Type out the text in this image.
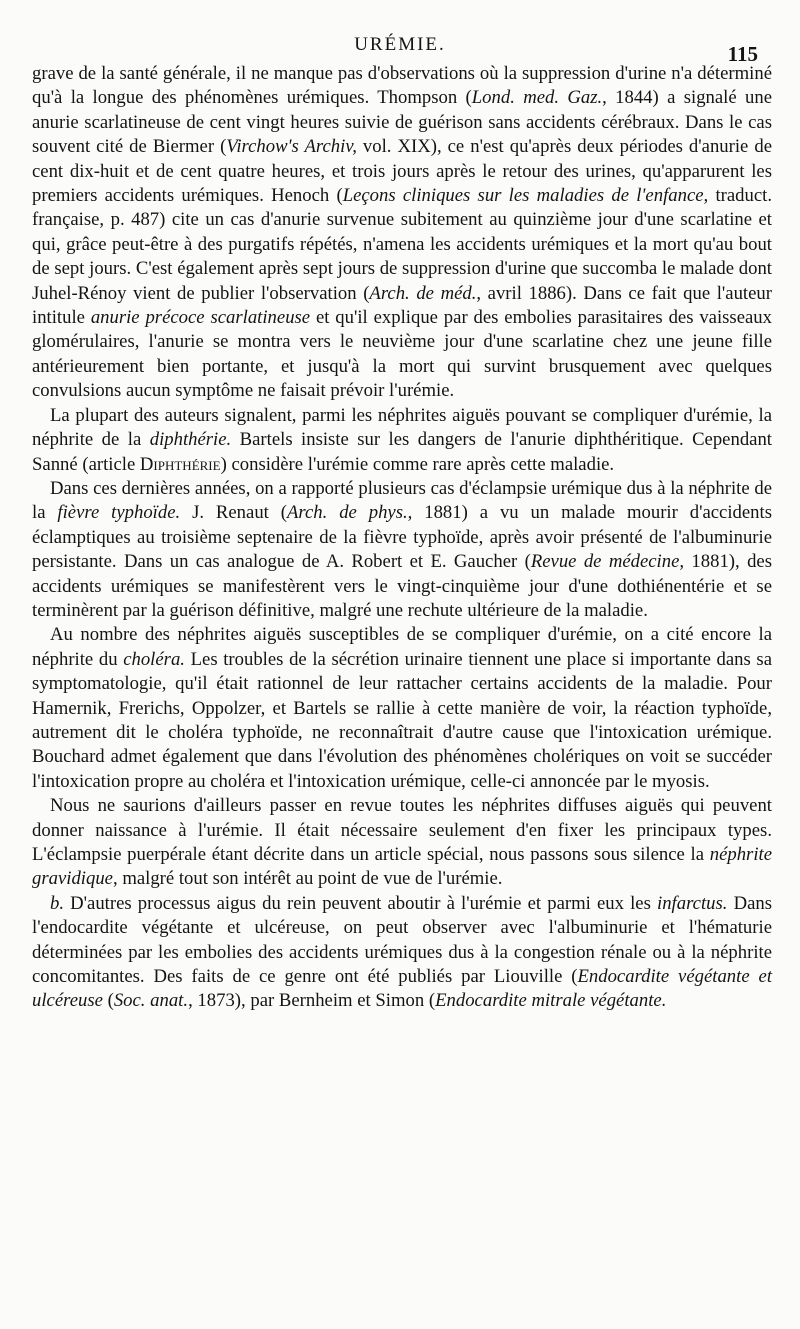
URÉMIE.	115

grave de la santé générale, il ne manque pas d'observations où la suppression d'urine n'a déterminé qu'à la longue des phénomènes urémiques. Thompson (Lond. med. Gaz., 1844) a signalé une anurie scarlatineuse de cent vingt heures suivie de guérison sans accidents cérébraux. Dans le cas souvent cité de Biermer (Virchow's Archiv, vol. XIX), ce n'est qu'après deux périodes d'anurie de cent dix-huit et de cent quatre heures, et trois jours après le retour des urines, qu'apparurent les premiers accidents urémiques. Henoch (Leçons cliniques sur les maladies de l'enfance, traduct. française, p. 487) cite un cas d'anurie survenue subitement au quinzième jour d'une scarlatine et qui, grâce peut-être à des purgatifs répétés, n'amena les accidents urémiques et la mort qu'au bout de sept jours. C'est également après sept jours de suppression d'urine que succomba le malade dont Juhel-Rénoy vient de publier l'observation (Arch. de méd., avril 1886). Dans ce fait que l'auteur intitule anurie précoce scarlatineuse et qu'il explique par des embolies parasitaires des vaisseaux glomérulaires, l'anurie se montra vers le neuvième jour d'une scarlatine chez une jeune fille antérieurement bien portante, et jusqu'à la mort qui survint brusquement avec quelques convulsions aucun symptôme ne faisait prévoir l'urémie.

La plupart des auteurs signalent, parmi les néphrites aiguës pouvant se compliquer d'urémie, la néphrite de la diphthérie. Bartels insiste sur les dangers de l'anurie diphthéritique. Cependant Sanné (article Diphthérie) considère l'urémie comme rare après cette maladie.

Dans ces dernières années, on a rapporté plusieurs cas d'éclampsie urémique dus à la néphrite de la fièvre typhoïde. J. Renaut (Arch. de phys., 1881) a vu un malade mourir d'accidents éclamptiques au troisième septenaire de la fièvre typhoïde, après avoir présenté de l'albuminurie persistante. Dans un cas analogue de A. Robert et E. Gaucher (Revue de médecine, 1881), des accidents urémiques se manifestèrent vers le vingt-cinquième jour d'une dothiénentérie et se terminèrent par la guérison définitive, malgré une rechute ultérieure de la maladie.

Au nombre des néphrites aiguës susceptibles de se compliquer d'urémie, on a cité encore la néphrite du choléra. Les troubles de la sécrétion urinaire tiennent une place si importante dans sa symptomatologie, qu'il était rationnel de leur rattacher certains accidents de la maladie. Pour Hamernik, Frerichs, Oppolzer, et Bartels se rallie à cette manière de voir, la réaction typhoïde, autrement dit le choléra typhoïde, ne reconnaîtrait d'autre cause que l'intoxication urémique. Bouchard admet également que dans l'évolution des phénomènes cholériques on voit se succéder l'intoxication propre au choléra et l'intoxication urémique, celle-ci annoncée par le myosis.

Nous ne saurions d'ailleurs passer en revue toutes les néphrites diffuses aiguës qui peuvent donner naissance à l'urémie. Il était nécessaire seulement d'en fixer les principaux types. L'éclampsie puerpérale étant décrite dans un article spécial, nous passons sous silence la néphrite gravidique, malgré tout son intérêt au point de vue de l'urémie.

b. D'autres processus aigus du rein peuvent aboutir à l'urémie et parmi eux les infarctus. Dans l'endocardite végétante et ulcéreuse, on peut observer avec l'albuminurie et l'hématurie déterminées par les embolies des accidents urémiques dus à la congestion rénale ou à la néphrite concomitantes. Des faits de ce genre ont été publiés par Liouville (Endocardite végétante et ulcéreuse (Soc. anat., 1873), par Bernheim et Simon (Endocardite mitrale végétante.
